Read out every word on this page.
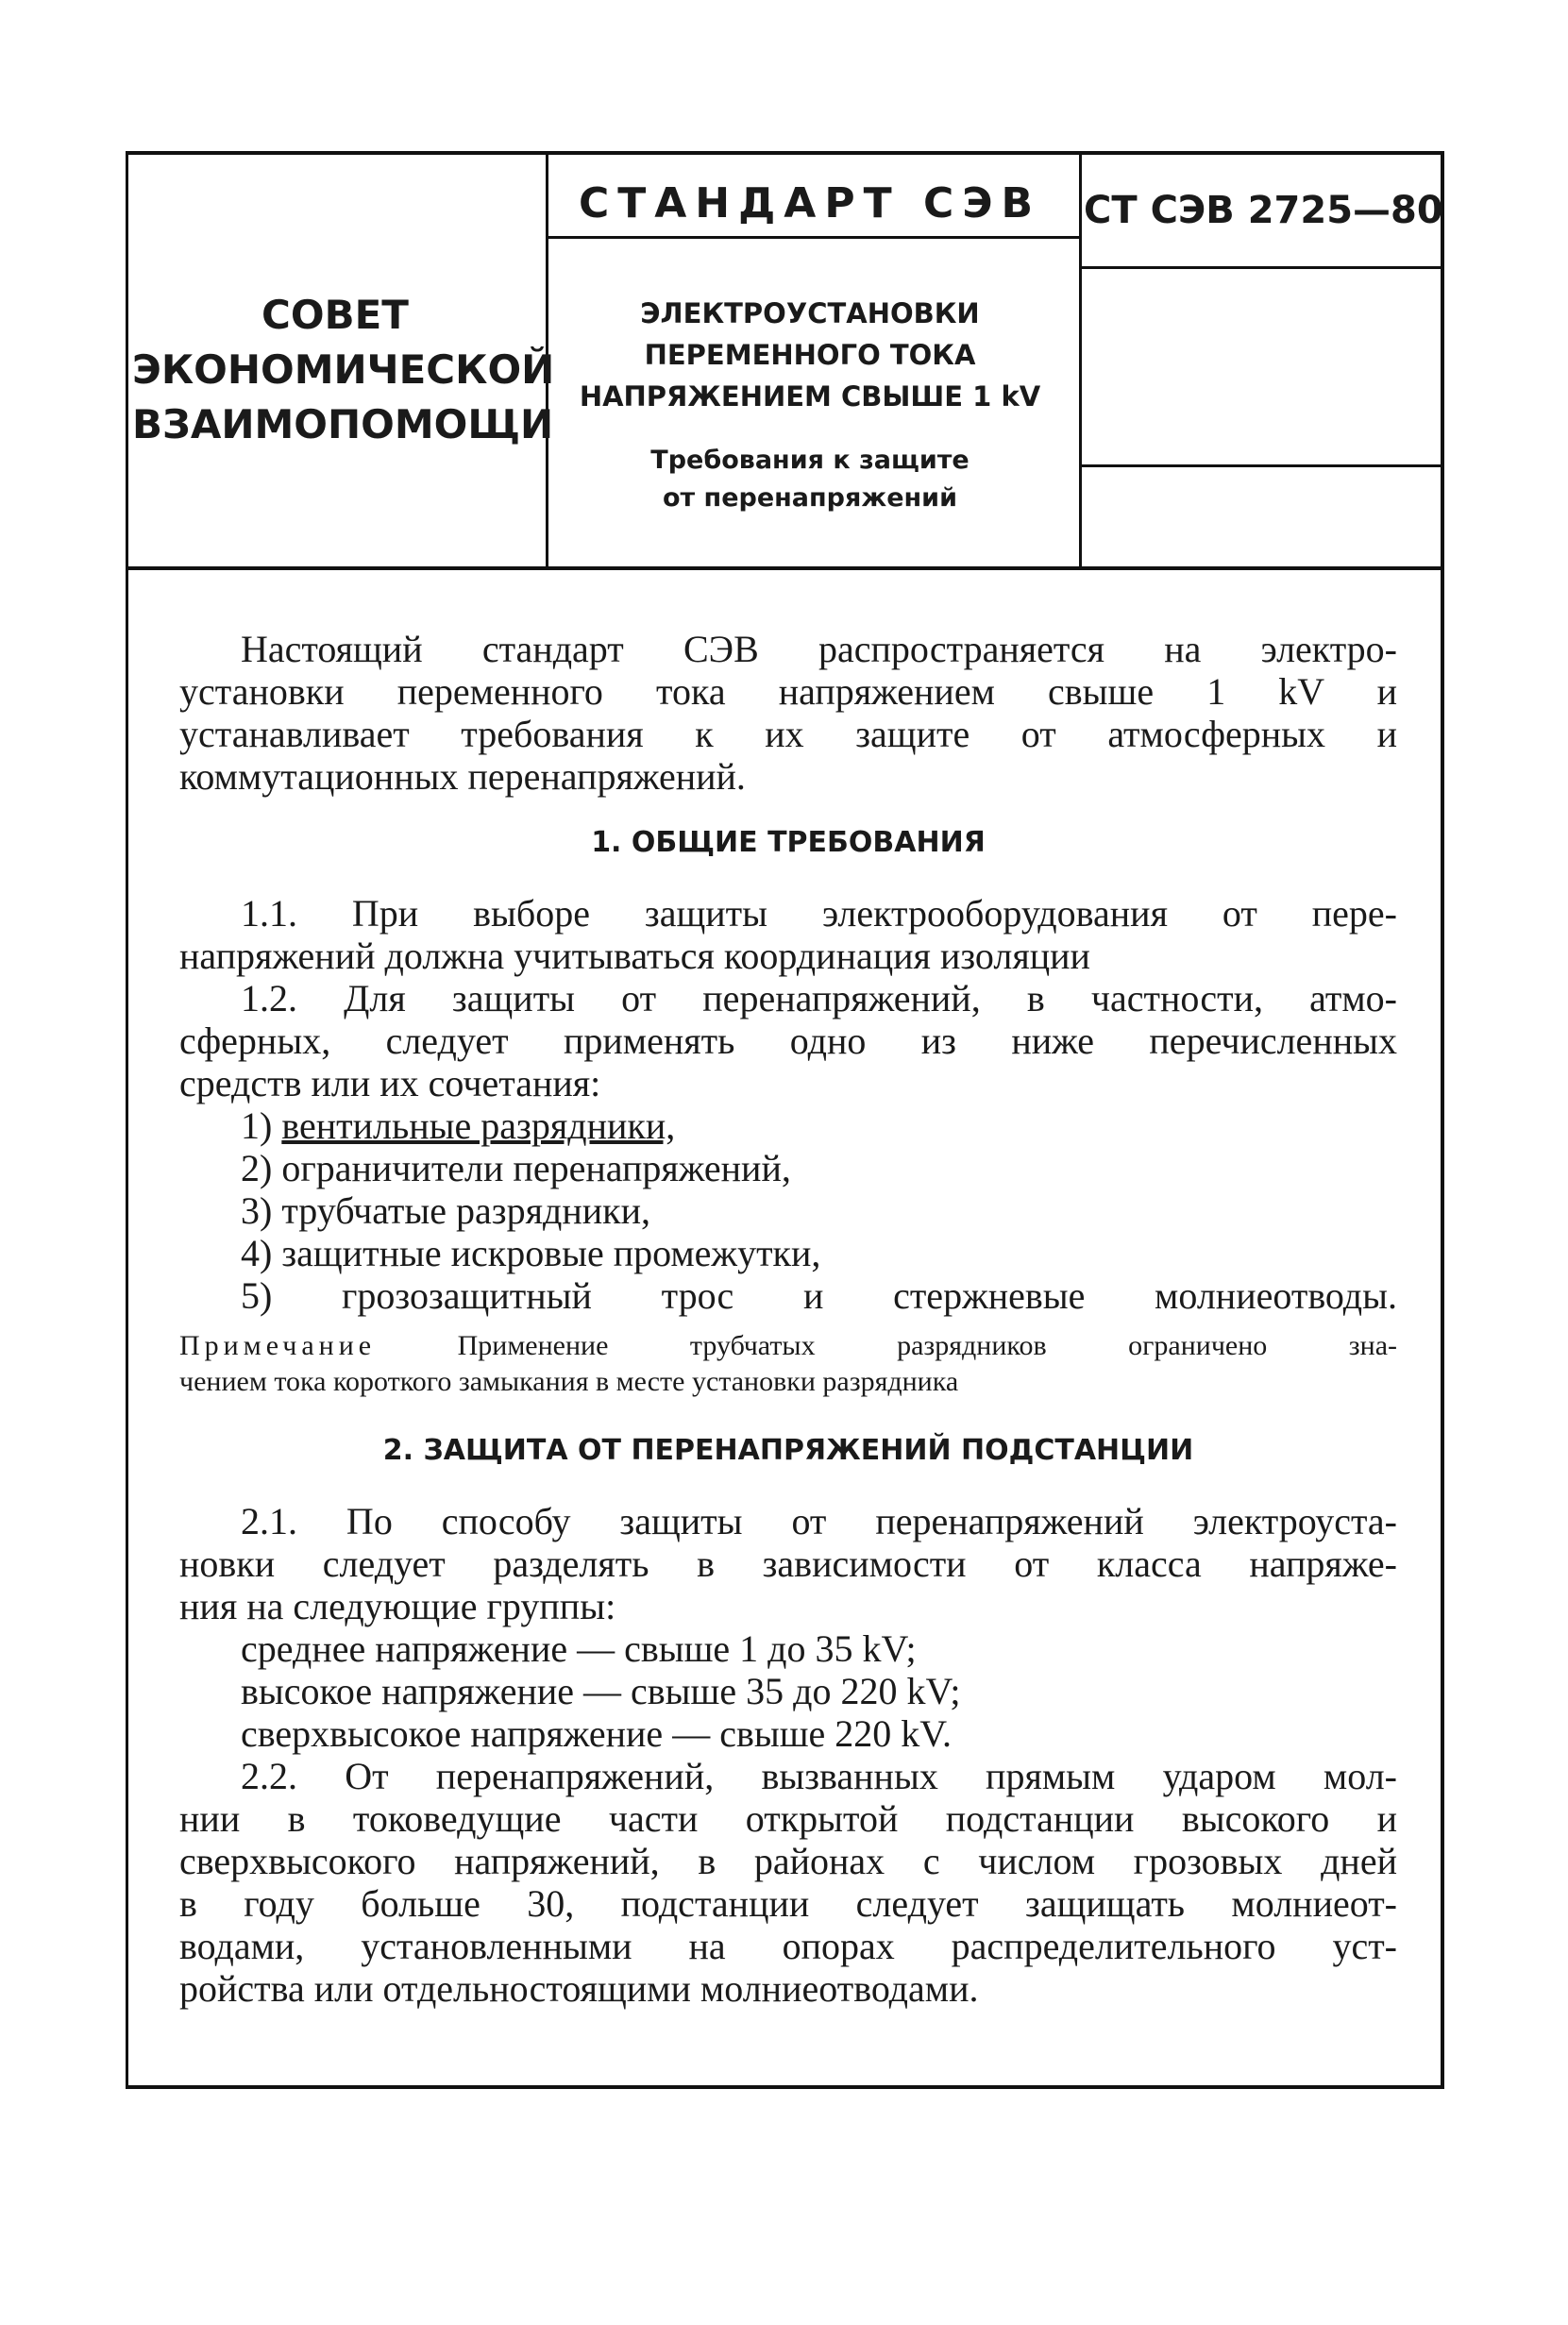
СОВЕТ
ЭКОНОМИЧЕСКОЙ
ВЗАИМОПОМОЩИ
СТАНДАРТ СЭВ	СТ СЭВ 2725—80
ЭЛЕКТРОУСТАНОВКИ
ПЕРЕМЕННОГО ТОКА
НАПРЯЖЕНИЕМ СВЫШЕ 1 kV
Требования к защите
от перенапряжений
Настоящий стандарт СЭВ распространяется на электро-
установки переменного тока напряжением свыше 1 kV и
устанавливает требования к их защите от атмосферных и
коммутационных перенапряжений.
1. ОБЩИЕ ТРЕБОВАНИЯ
1.1. При выборе защиты электрооборудования от пере-
напряжений должна учитываться координация изоляции
1.2. Для защиты от перенапряжений, в частности, атмо-
сферных, следует применять одно из ниже перечисленных
средств или их сочетания:
1) вентильные разрядники,
2) ограничители перенапряжений,
3) трубчатые разрядники,
4) защитные искровые промежутки,
5) грозозащитный трос и стержневые молниеотводы.
Примечание	Применение трубчатых разрядников ограничено зна-
чением тока короткого замыкания в месте установки разрядника
2. ЗАЩИТА ОТ ПЕРЕНАПРЯЖЕНИЙ ПОДСТАНЦИИ
2.1. По способу защиты от перенапряжений электроуста-
новки следует разделять в зависимости от класса напряже-
ния на следующие группы:
среднее напряжение — свыше 1 до 35 kV;
высокое напряжение — свыше 35 до 220 kV;
сверхвысокое напряжение — свыше 220 kV.
2.2. От перенапряжений, вызванных прямым ударом мол-
нии в токоведущие части открытой подстанции высокого и
сверхвысокого напряжений, в районах с числом грозовых дней
в году больше 30, подстанции следует защищать молниеот-
водами, установленными на опорах распределительного уст-
ройства или отдельностоящими молниеотводами.
